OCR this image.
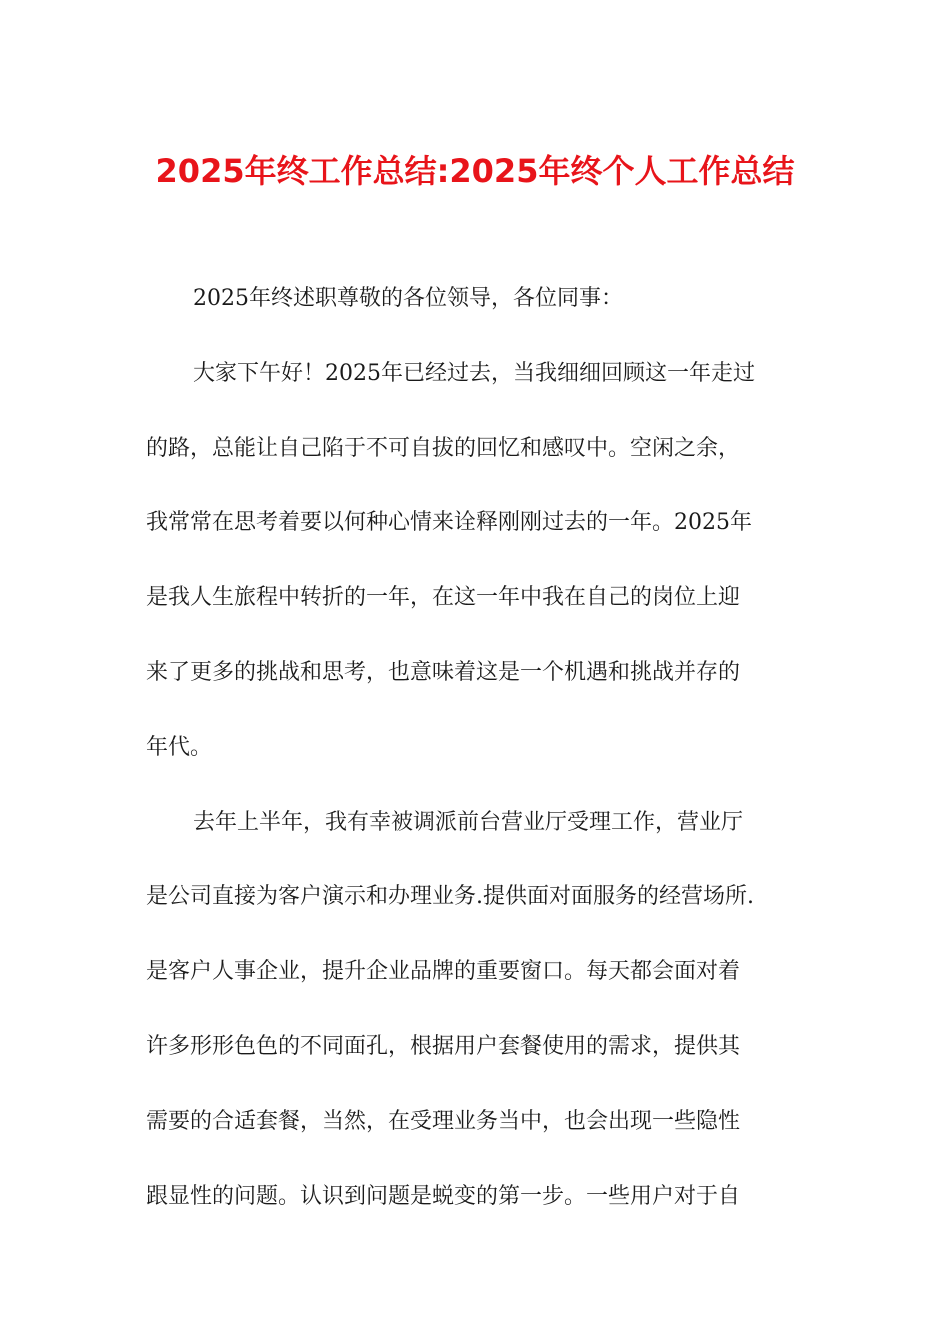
2025年终工作总结:2025年终个人工作总结
2025年终述职尊敬的各位领导，各位同事：
大家下午好！2025年已经过去，当我细细回顾这一年走过
的路，总能让自己陷于不可自拔的回忆和感叹中。空闲之余，
我常常在思考着要以何种心情来诠释刚刚过去的一年。2025年
是我人生旅程中转折的一年，在这一年中我在自己的岗位上迎
来了更多的挑战和思考，也意味着这是一个机遇和挑战并存的
年代。
去年上半年，我有幸被调派前台营业厅受理工作，营业厅
是公司直接为客户演示和办理业务.提供面对面服务的经营场所.
是客户人事企业，提升企业品牌的重要窗口。每天都会面对着
许多形形色色的不同面孔，根据用户套餐使用的需求，提供其
需要的合适套餐，当然，在受理业务当中，也会出现一些隐性
跟显性的问题。认识到问题是蜕变的第一步。一些用户对于自
